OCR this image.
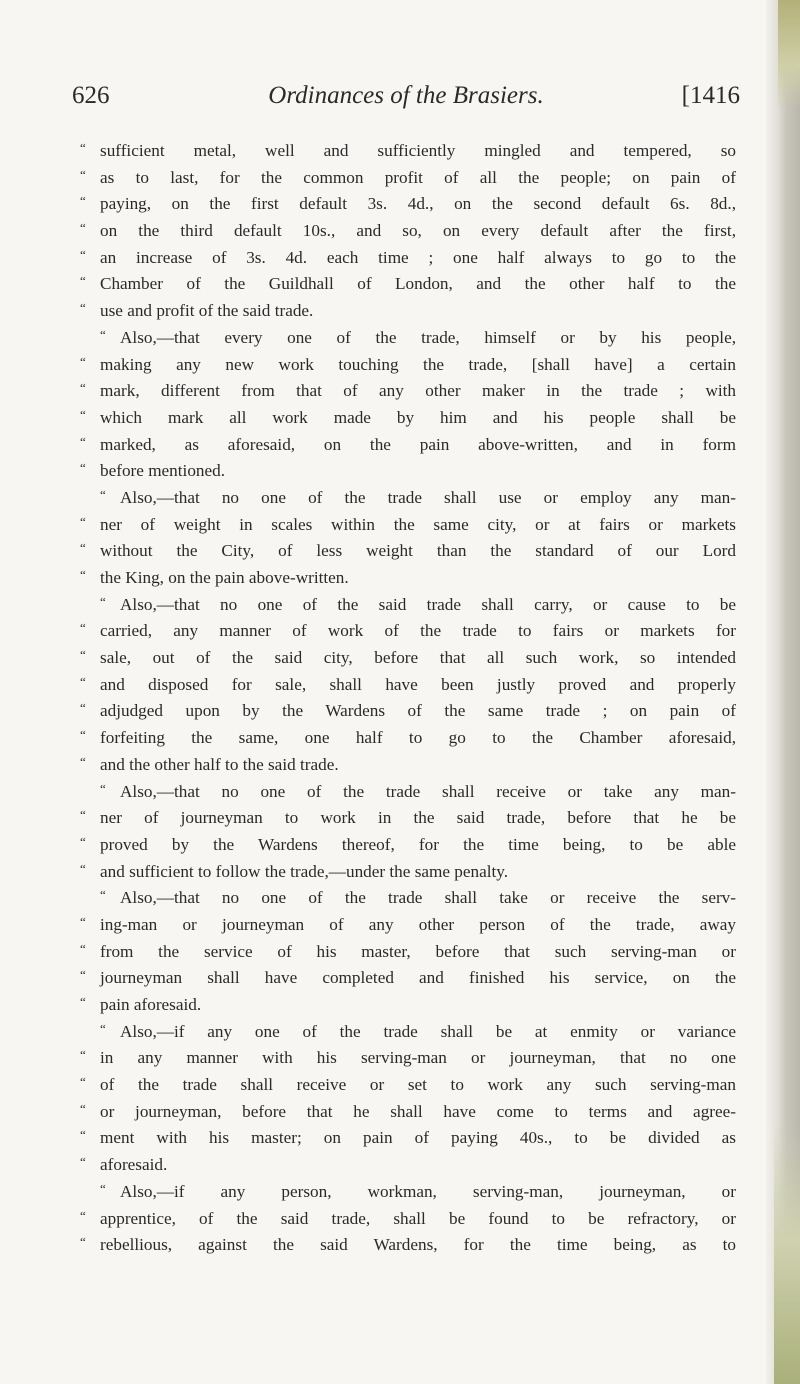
626	Ordinances of the Brasiers.	[1416
“ sufficient metal, well and sufficiently mingled and tempered, so
“ as to last, for the common profit of all the people; on pain of
“ paying, on the first default 3s. 4d., on the second default 6s. 8d.,
“ on the third default 10s., and so, on every default after the first,
“ an increase of 3s. 4d. each time ; one half always to go to the
“ Chamber of the Guildhall of London, and the other half to the
“ use and profit of the said trade.
“ Also,—that every one of the trade, himself or by his people,
“ making any new work touching the trade, [shall have] a certain
“ mark, different from that of any other maker in the trade ; with
“ which mark all work made by him and his people shall be
“ marked, as aforesaid, on the pain above-written, and in form
“ before mentioned.
“ Also,—that no one of the trade shall use or employ any man-
“ ner of weight in scales within the same city, or at fairs or markets
“ without the City, of less weight than the standard of our Lord
“ the King, on the pain above-written.
“ Also,—that no one of the said trade shall carry, or cause to be
“ carried, any manner of work of the trade to fairs or markets for
“ sale, out of the said city, before that all such work, so intended
“ and disposed for sale, shall have been justly proved and properly
“ adjudged upon by the Wardens of the same trade ; on pain of
“ forfeiting the same, one half to go to the Chamber aforesaid,
“ and the other half to the said trade.
“ Also,—that no one of the trade shall receive or take any man-
“ ner of journeyman to work in the said trade, before that he be
“ proved by the Wardens thereof, for the time being, to be able
“ and sufficient to follow the trade,—under the same penalty.
“ Also,—that no one of the trade shall take or receive the serv-
“ ing-man or journeyman of any other person of the trade, away
“ from the service of his master, before that such serving-man or
“ journeyman shall have completed and finished his service, on the
“ pain aforesaid.
“ Also,—if any one of the trade shall be at enmity or variance
“ in any manner with his serving-man or journeyman, that no one
“ of the trade shall receive or set to work any such serving-man
“ or journeyman, before that he shall have come to terms and agree-
“ ment with his master; on pain of paying 40s., to be divided as
“ aforesaid.
“ Also,—if any person, workman, serving-man, journeyman, or
“ apprentice, of the said trade, shall be found to be refractory, or
“ rebellious, against the said Wardens, for the time being, as to
